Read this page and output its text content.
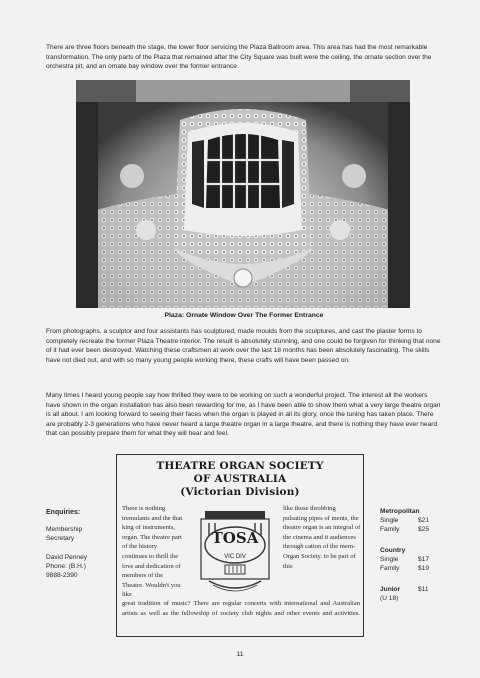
There are three floors beneath the stage, the lower floor servicing the Plaza Ballroom area. This area has had the most remarkable transformation. The only parts of the Plaza that remained after the City Square was built were the ceiling, the ornate section over the orchestra pit, and an ornate bay window over the former entrance.

Plaza: Ornate Window Over The Former Entrance

From photographs, a sculptor and four assistants has sculptured, made moulds from the sculptures, and cast the plaster forms to completely recreate the former Plaza Theatre interior. The result is absolutely stunning, and one could be forgiven for thinking that none of it had ever been destroyed. Watching these craftsmen at work over the last 18 months has been absolutely fascinating. The skills have not died out, and with so many young people working there, these crafts will have been passed on.

Many times I heard young people say how thrilled they were to be working on such a wonderful project. The interest all the workers have shown in the organ installation has also been rewarding for me, as I have been able to show them what a very large theatre organ is all about. I am looking forward to seeing their faces when the organ is played in all its glory, once the tuning has taken place. There are probably 2-3 generations who have never heard a large theatre organ in a large theatre, and there is nothing they have ever heard that can possibly prepare them for what they will hear and feel.

Enquiries:
Membership
Secretary
David Penney
Phone: (B.H.)
9888-2390
THEATRE ORGAN SOCIETY
OF AUSTRALIA
(Victorian Division)

There is nothing tremulants and the that king of instruments, organ. The theatre part of the history continues to thrill the love and dedication of members of the Theatre. Wouldn't you like

TOSA
VIC DIV

like those throbbing pulsating pipes of ments, the theatre organ is an integral of the cinema and it audiences through cation of the mem- Organ Society. to be part of this

great tradition of music? There are regular concerts with international and Australian artists as well as the fellowship of society club nights and other events and activities.

Metropolitan
Single	$21
Family	$25
Country
Single	$17
Family	$19
Junior	$11
(U 18)
11
